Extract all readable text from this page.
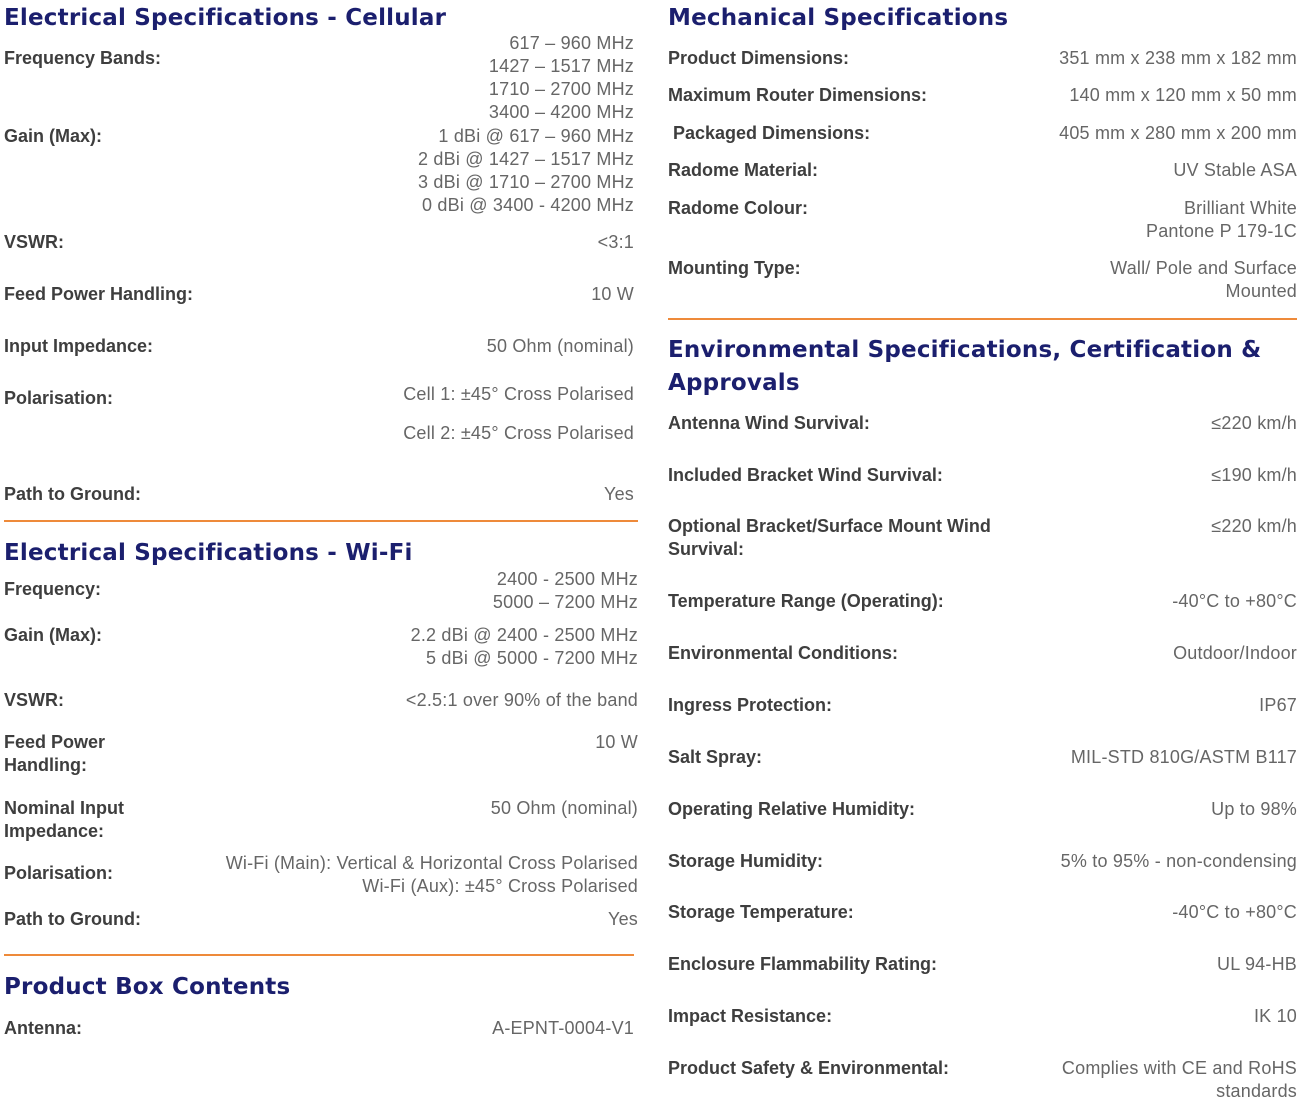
Electrical Specifications - Cellular
Frequency Bands:
617 – 960 MHz
1427 – 1517 MHz
1710 – 2700 MHz
3400 – 4200 MHz
Gain (Max):	1 dBi @ 617 – 960 MHz
2 dBi @ 1427 – 1517 MHz
3 dBi @ 1710 – 2700 MHz
0 dBi @ 3400 - 4200 MHz
VSWR:	<3:1
Feed Power Handling:	10 W
Input Impedance:	50 Ohm (nominal)
Polarisation:	Cell 1: ±45° Cross Polarised
Cell 2: ±45° Cross Polarised
Path to Ground:	Yes
Electrical Specifications - Wi-Fi
Frequency:	2400 - 2500 MHz
5000 – 7200 MHz
Gain (Max):	2.2 dBi @ 2400 - 2500 MHz
5 dBi @ 5000 - 7200 MHz
VSWR:	<2.5:1 over 90% of the band
Feed Power
Handling:
10 W
Nominal Input
Impedance:
50 Ohm (nominal)
Polarisation:	Wi-Fi (Main): Vertical & Horizontal Cross Polarised
Wi-Fi (Aux): ±45° Cross Polarised
Path to Ground:	Yes
Product Box Contents
Antenna:	A-EPNT-0004-V1
Mechanical Specifications
Product Dimensions:	351 mm x 238 mm x 182 mm
Maximum Router Dimensions:	140 mm x 120 mm x 50 mm
Packaged Dimensions:	405 mm x 280 mm x 200 mm
Radome Material:	UV Stable ASA
Radome Colour:	Brilliant White
Pantone P 179-1C
Mounting Type:	Wall/ Pole and Surface
Mounted
Environmental Specifications, Certification &
Approvals
Antenna Wind Survival:	≤220 km/h
Included Bracket Wind Survival:	≤190 km/h
Optional Bracket/Surface Mount Wind
Survival:
≤220 km/h
Temperature Range (Operating):	-40°C to +80°C
Environmental Conditions:	Outdoor/Indoor
Ingress Protection:	IP67
Salt Spray:	MIL-STD 810G/ASTM B117
Operating Relative Humidity:	Up to 98%
Storage Humidity:	5% to 95% - non-condensing
Storage Temperature:	-40°C to +80°C
Enclosure Flammability Rating:	UL 94-HB
Impact Resistance:	IK 10
Product Safety & Environmental:	Complies with CE and RoHS
standards
